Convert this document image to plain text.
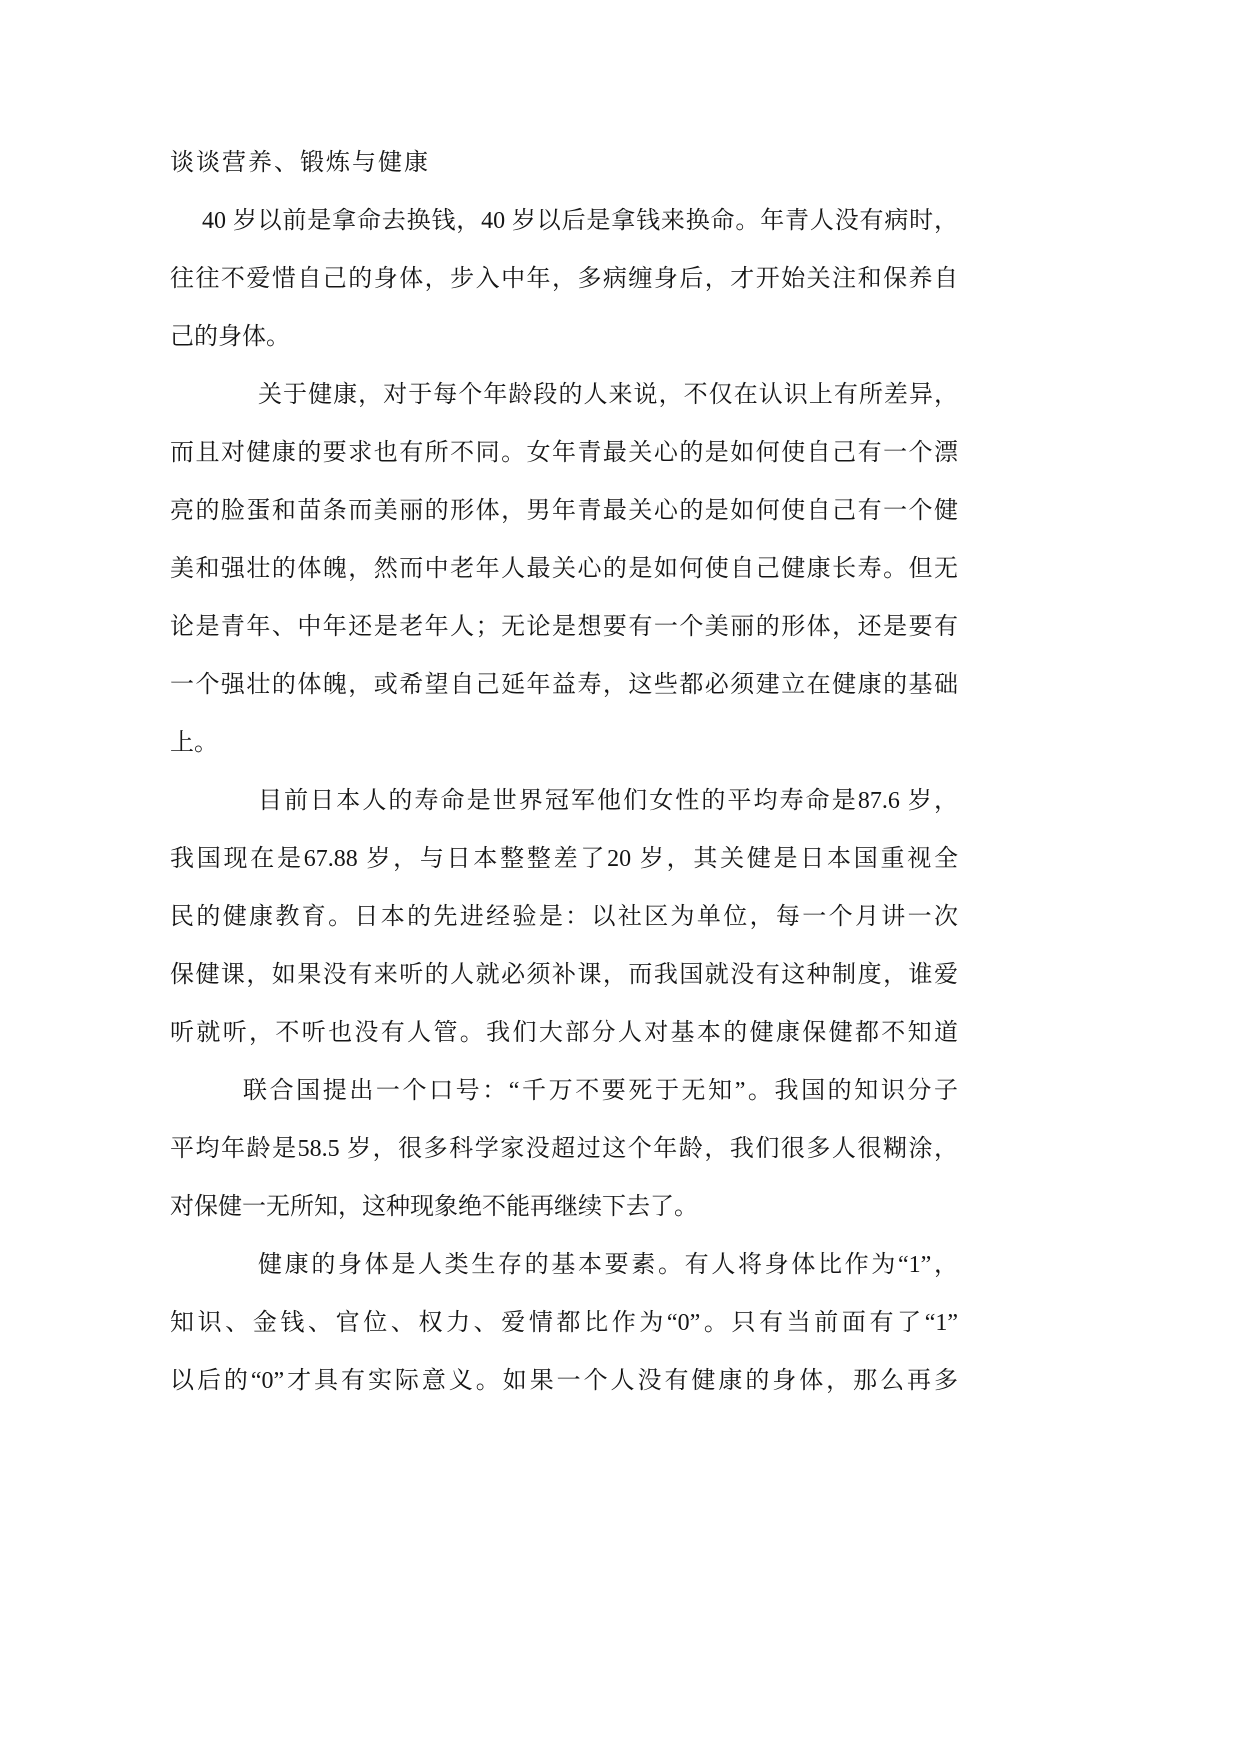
谈谈营养、锻炼与健康
40 岁以前是拿命去换钱，40 岁以后是拿钱来换命。年青人没有病时，
往往不爱惜自己的身体，步入中年，多病缠身后，才开始关注和保养自
己的身体。
关于健康，对于每个年龄段的人来说，不仅在认识上有所差异，
而且对健康的要求也有所不同。女年青最关心的是如何使自己有一个漂
亮的脸蛋和苗条而美丽的形体，男年青最关心的是如何使自己有一个健
美和强壮的体魄，然而中老年人最关心的是如何使自己健康长寿。但无
论是青年、中年还是老年人；无论是想要有一个美丽的形体，还是要有
一个强壮的体魄，或希望自己延年益寿，这些都必须建立在健康的基础
上。
目前日本人的寿命是世界冠军他们女性的平均寿命是87.6 岁，
我国现在是67.88 岁，与日本整整差了20 岁，其关健是日本国重视全
民的健康教育。日本的先进经验是：以社区为单位，每一个月讲一次
保健课，如果没有来听的人就必须补课，而我国就没有这种制度，谁爱
听就听，不听也没有人管。我们大部分人对基本的健康保健都不知道
联合国提出一个口号：“千万不要死于无知”。我国的知识分子
平均年龄是58.5 岁，很多科学家没超过这个年龄，我们很多人很糊涂，
对保健一无所知，这种现象绝不能再继续下去了。
健康的身体是人类生存的基本要素。有人将身体比作为“1”，
知识、金钱、官位、权力、爱情都比作为“0”。只有当前面有了“1”
以后的“0”才具有实际意义。如果一个人没有健康的身体，那么再多
